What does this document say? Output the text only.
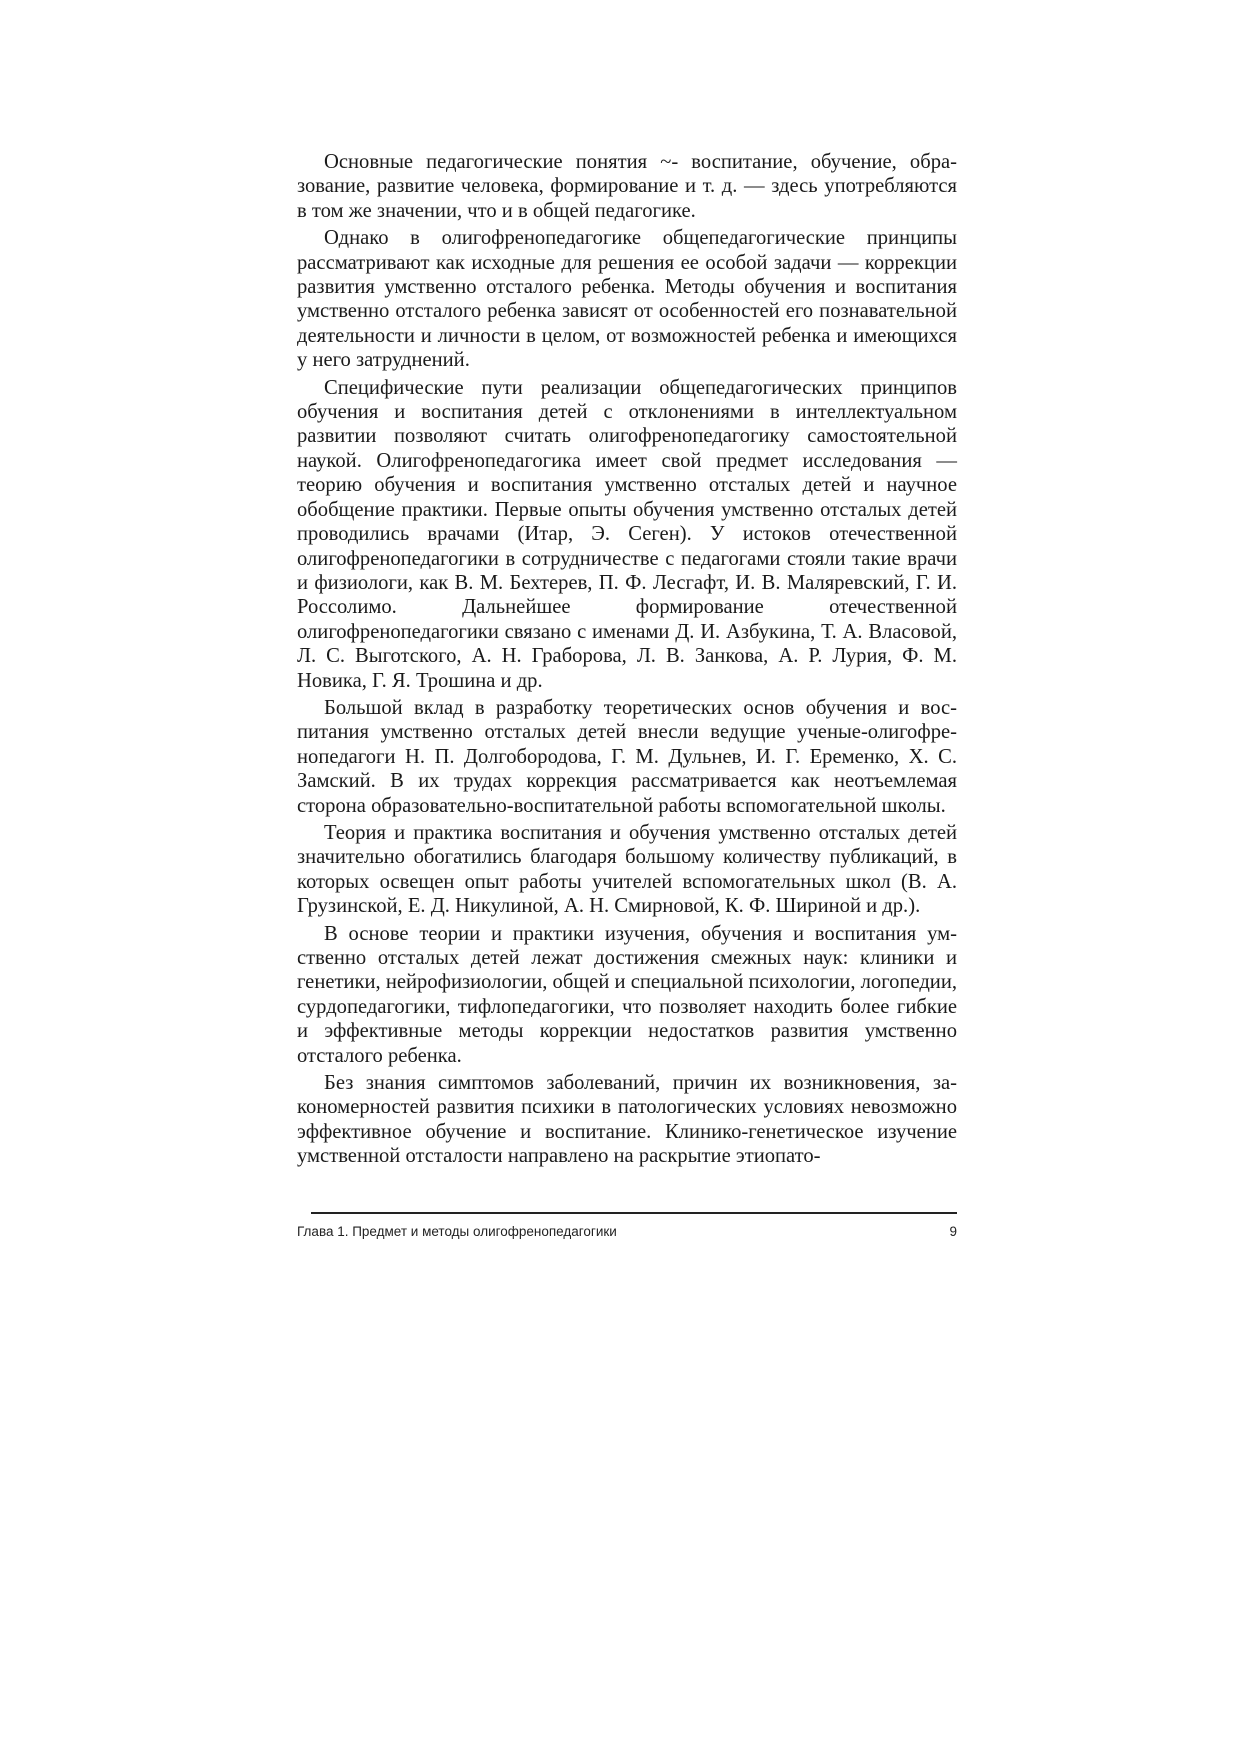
Основные педагогические понятия ~- воспитание, обучение, образование, развитие человека, формирование и т. д. — здесь употребляются в том же значении, что и в общей педагогике.

Однако в олигофренопедагогике общепедагогические принципы рассматривают как исходные для решения ее особой задачи — коррекции развития умственно отсталого ребенка. Методы обучения и воспитания умственно отсталого ребенка зависят от особенностей его познавательной деятельности и личности в целом, от возможностей ребенка и имеющихся у него затруднений.

Специфические пути реализации общепедагогических принципов обучения и воспитания детей с отклонениями в интеллектуальном развитии позволяют считать олигофренопедагогику самостоятельной наукой. Олигофренопедагогика имеет свой предмет исследования — теорию обучения и воспитания умственно отсталых детей и научное обобщение практики. Первые опыты обучения умственно отсталых детей проводились врачами (Итар, Э. Сеген). У истоков отечественной олигофренопедагогики в сотрудничестве с педагогами стояли такие врачи и физиологи, как В. М. Бехтерев, П. Ф. Лесгафт, И. В. Маляревский, Г. И. Россолимо. Дальнейшее формирование отечественной олигофренопедагогики связано с именами Д. И. Азбукина, Т. А. Власовой, Л. С. Выготского, А. Н. Граборова, Л. В. Занкова, А. Р. Лурия, Ф. М. Новика, Г. Я. Трошина и др.

Большой вклад в разработку теоретических основ обучения и воспитания умственно отсталых детей внесли ведущие ученые-олигофренопедагоги Н. П. Долгобородова, Г. М. Дульнев, И. Г. Еременко, X. С. Замский. В их трудах коррекция рассматривается как неотъемлемая сторона образовательно-воспитательной работы вспомогательной школы.

Теория и практика воспитания и обучения умственно отсталых детей значительно обогатились благодаря большому количеству публикаций, в которых освещен опыт работы учителей вспомогательных школ (В. А. Грузинской, Е. Д. Никулиной, А. Н. Смирновой, К. Ф. Шириной и др.).

В основе теории и практики изучения, обучения и воспитания умственно отсталых детей лежат достижения смежных наук: клиники и генетики, нейрофизиологии, общей и специальной психологии, логопедии, сурдопедагогики, тифлопедагогики, что позволяет находить более гибкие и эффективные методы коррекции недостатков развития умственно отсталого ребенка.

Без знания симптомов заболеваний, причин их возникновения, закономерностей развития психики в патологических условиях невозможно эффективное обучение и воспитание. Клинико-генетическое изучение умственной отсталости направлено на раскрытие этиопато-

Глава 1. Предмет и методы олигофренопедагогики	9
